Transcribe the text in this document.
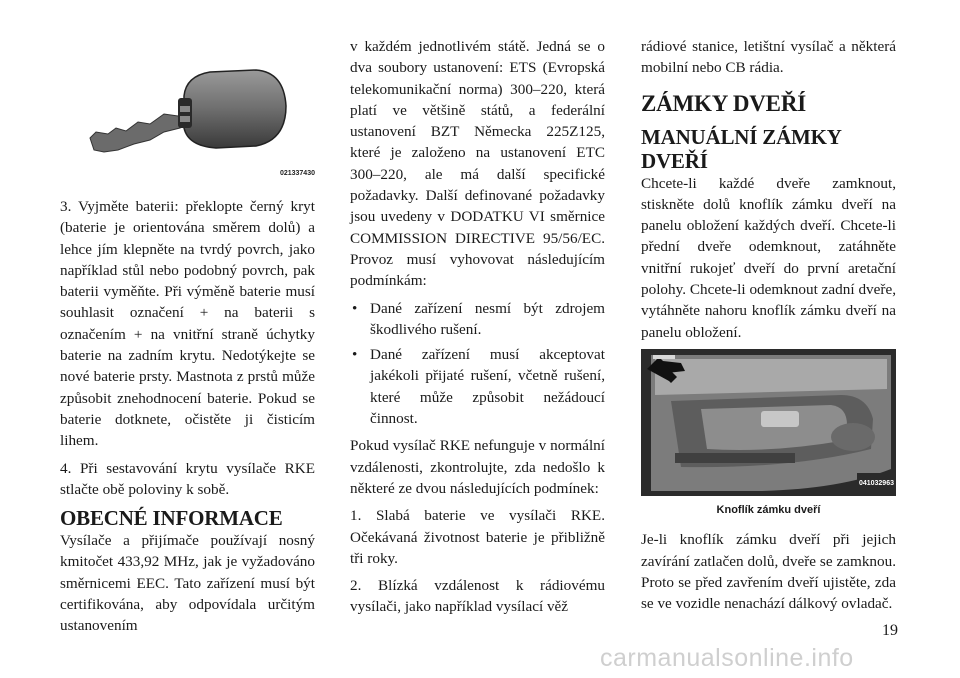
021337430

3. Vyjměte baterii: překlopte černý kryt (baterie je orientována směrem dolů) a lehce jím klepněte na tvrdý povrch, jako například stůl nebo podobný povrch, pak baterii vyměňte. Při výměně baterie musí souhlasit označení + na baterii s označením + na vnitřní straně úchytky baterie na zadním krytu. Nedotýkejte se nové baterie prsty. Mastnota z prstů může způsobit znehodnocení baterie. Pokud se baterie dotknete, očistěte ji čisticím lihem.

4. Při sestavování krytu vysílače RKE stlačte obě poloviny k sobě.

OBECNÉ INFORMACE

Vysílače a přijímače používají nosný kmitočet 433,92 MHz, jak je vyžadováno směrnicemi EEC. Tato zařízení musí být certifikována, aby odpovídala určitým ustanovením

v každém jednotlivém státě. Jedná se o dva soubory ustanovení: ETS (Evropská telekomunikační norma) 300–220, která platí ve většině států, a federální ustanovení BZT Německa 225Z125, které je založeno na ustanovení ETC 300–220, ale má další specifické požadavky. Další definované požadavky jsou uvedeny v DODATKU VI směrnice COMMISSION DIRECTIVE 95/56/EC. Provoz musí vyhovovat následujícím podmínkám:

• Dané zařízení nesmí být zdrojem škodlivého rušení.
• Dané zařízení musí akceptovat jakékoli přijaté rušení, včetně rušení, které může způsobit nežádoucí činnost.

Pokud vysílač RKE nefunguje v normální vzdálenosti, zkontrolujte, zda nedošlo k některé ze dvou následujících podmínek:

1. Slabá baterie ve vysílači RKE. Očekávaná životnost baterie je přibližně tři roky.

2. Blízká vzdálenost k rádiovému vysílači, jako například vysílací věž

rádiové stanice, letištní vysílač a některá mobilní nebo CB rádia.

ZÁMKY DVEŘÍ
MANUÁLNÍ ZÁMKY DVEŘÍ

Chcete-li každé dveře zamknout, stiskněte dolů knoflík zámku dveří na panelu obložení každých dveří. Chcete-li přední dveře odemknout, zatáhněte vnitřní rukojeť dveří do první aretační polohy. Chcete-li odemknout zadní dveře, vytáhněte nahoru knoflík zámku dveří na panelu obložení.

041032963
Knoflík zámku dveří

Je-li knoflík zámku dveří při jejich zavírání zatlačen dolů, dveře se zamknou. Proto se před zavřením dveří ujistěte, zda se ve vozidle nenachází dálkový ovladač.

19
carmanualsonline.info
